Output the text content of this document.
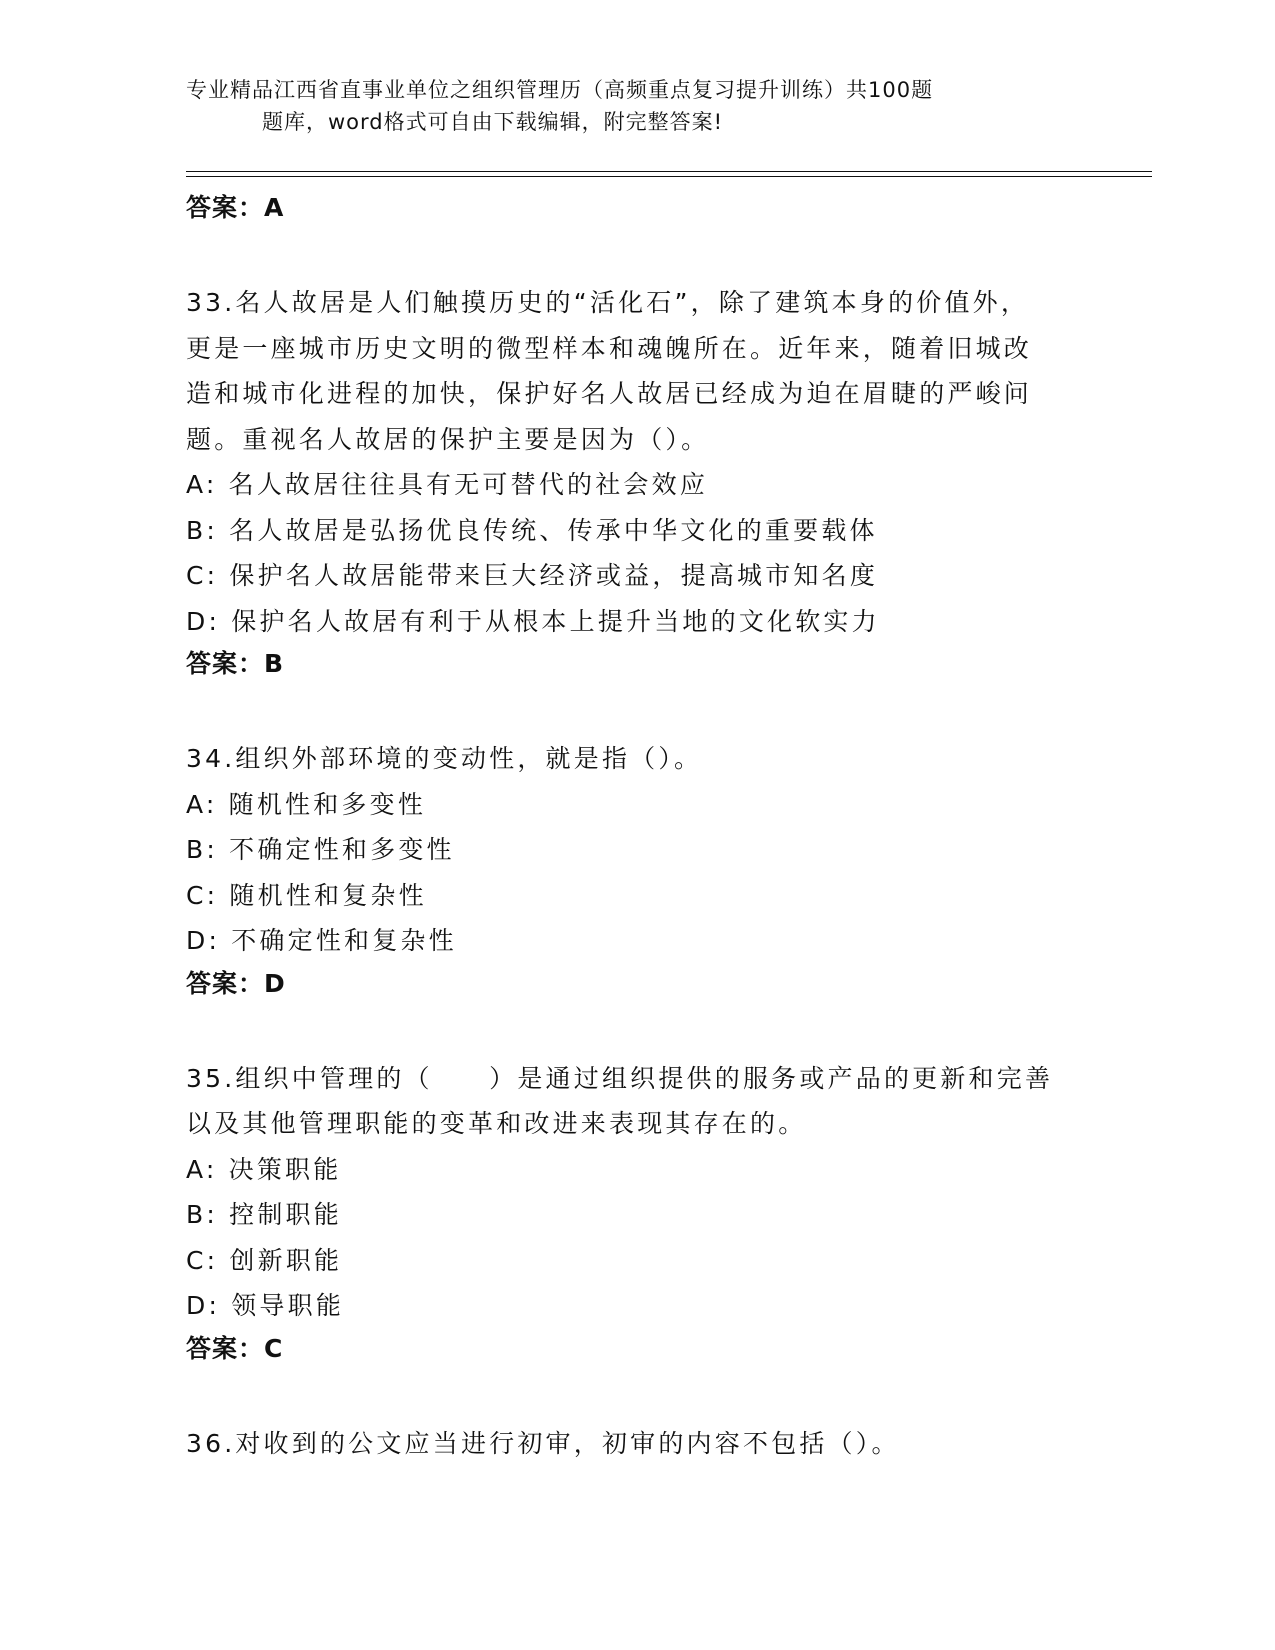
专业精品江西省直事业单位之组织管理历（高频重点复习提升训练）共100题
题库，word格式可自由下载编辑，附完整答案!
答案：A
33.名人故居是人们触摸历史的“活化石”，除了建筑本身的价值外，
更是一座城市历史文明的微型样本和魂魄所在。近年来，随着旧城改
造和城市化进程的加快，保护好名人故居已经成为迫在眉睫的严峻问
题。重视名人故居的保护主要是因为（）。
A: 名人故居往往具有无可替代的社会效应
B: 名人故居是弘扬优良传统、传承中华文化的重要载体
C: 保护名人故居能带来巨大经济或益，提高城市知名度
D: 保护名人故居有利于从根本上提升当地的文化软实力
答案：B
34.组织外部环境的变动性，就是指（）。
A: 随机性和多变性
B: 不确定性和多变性
C: 随机性和复杂性
D: 不确定性和复杂性
答案：D
35.组织中管理的（　　）是通过组织提供的服务或产品的更新和完善
以及其他管理职能的变革和改进来表现其存在的。
A: 决策职能
B: 控制职能
C: 创新职能
D: 领导职能
答案：C
36.对收到的公文应当进行初审，初审的内容不包括（）。
